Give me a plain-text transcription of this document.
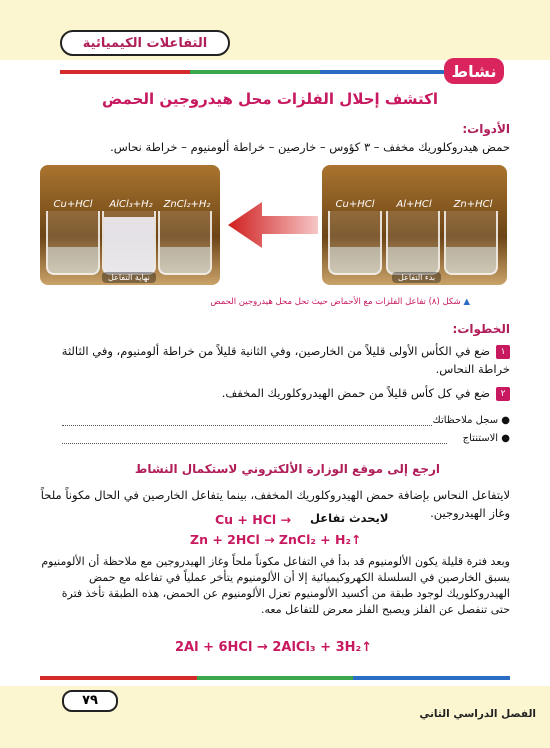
التفاعلات الكيميائية
نشاط
اكتشف إحلال الفلزات محل هيدروجين الحمض
الأدوات:
حمض هيدروكلوريك مخفف – ٣ كؤوس – خارصين – خراطة ألومنيوم – خراطة نحاس.
Cu+HCl	AlCl₃+H₂	ZnCl₂+H₂
نهاية التفاعل
Cu+HCl	Al+HCl	Zn+HCl
بدء التفاعل
▲ شكل (٨) تفاعل الفلزات مع الأحماض حيث تحل محل هيدروجين الحمض
الخطوات:
١ضع في الكأس الأولى قليلاً من الخارصين، وفي الثانية قليلاً من خراطة ألومنيوم، وفي الثالثة خراطة النحاس.
٢ضع في كل كأس قليلاً من حمض الهيدروكلوريك المخفف.
● سجل ملاحظاتك
● الاستنتاج
ارجع إلى موقع الوزارة الألكتروني لاستكمال النشاط
لايتفاعل النحاس بإضافة حمض الهيدروكلوريك المخفف، بينما يتفاعل الخارصين في الحال مكوناً ملحاً وغاز الهيدروجين.
Cu + HCl → لايحدث تفاعل
Zn + 2HCl → ZnCl₂ + H₂↑
وبعد فترة قليلة يكون الألومنيوم قد بدأ في التفاعل مكوناً ملحاً وغاز الهيدروجين مع ملاحظة أن الألومنيوم يسبق الخارصين في السلسلة الكهروكيميائية إلا أن الألومنيوم يتأخر عملياً في تفاعله مع حمض الهيدروكلوريك لوجود طبقة من أكسيد الألومنيوم تعزل الألومنيوم عن الحمض، هذه الطبقة تأخذ فترة حتى تنفصل عن الفلز ويصبح الفلز معرض للتفاعل معه.
2Al + 6HCl → 2AlCl₃ + 3H₂↑
٧٩
الفصل الدراسي الثاني
